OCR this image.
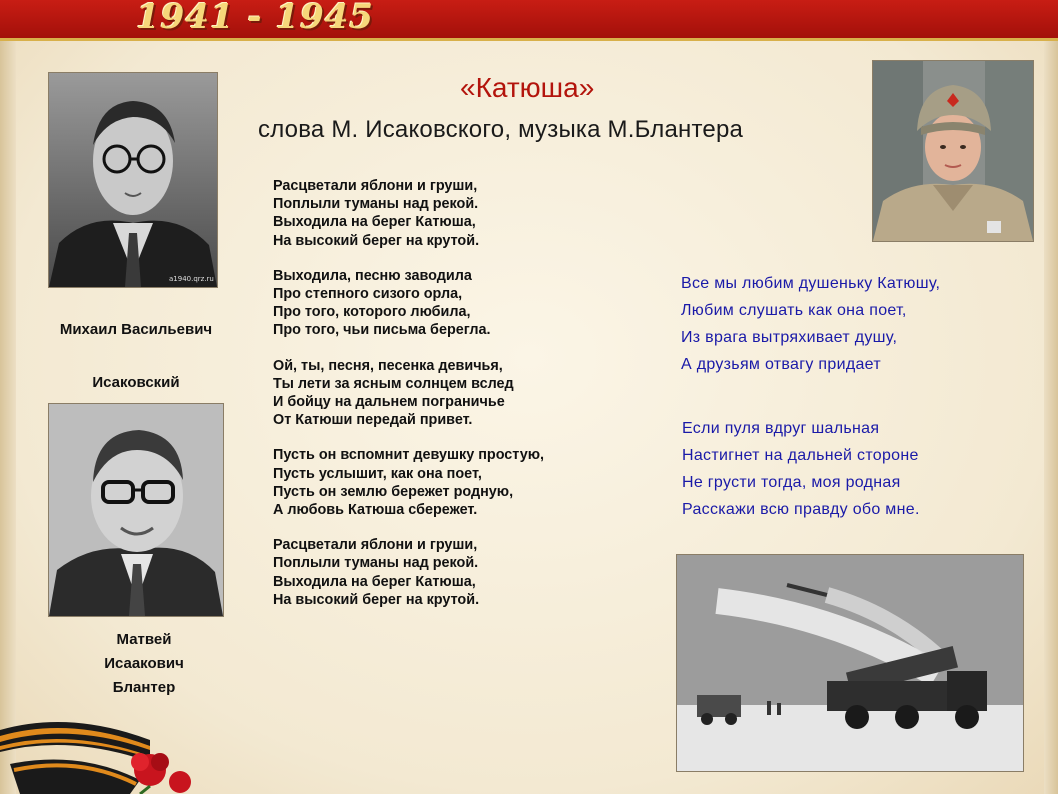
1941 - 1945
«Катюша»
слова М. Исаковского, музыка М.Блантера
a1940.qrz.ru
Михаил Васильевич
Исаковский
Матвей
Исаакович
Блантер
Расцветали яблони и груши,
Поплыли туманы над рекой.
Выходила на берег Катюша,
На высокий берег на крутой.
Выходила, песню заводила
Про степного сизого орла,
Про того, которого любила,
Про того, чьи письма берегла.
Ой, ты, песня, песенка девичья,
Ты лети за ясным солнцем вслед
И бойцу на дальнем пограничье
От Катюши передай привет.
Пусть он вспомнит девушку простую,
Пусть услышит, как она поет,
Пусть он землю бережет родную,
А любовь Катюша сбережет.
Расцветали яблони и груши,
Поплыли туманы над рекой.
Выходила на берег Катюша,
На высокий берег на крутой.
Все мы любим душеньку Катюшу,
Любим слушать как она поет,
Из врага вытряхивает душу,
А друзьям отвагу придает
Если пуля вдруг шальная
Настигнет на дальней стороне
Не грусти тогда, моя родная
Расскажи всю правду обо мне.
